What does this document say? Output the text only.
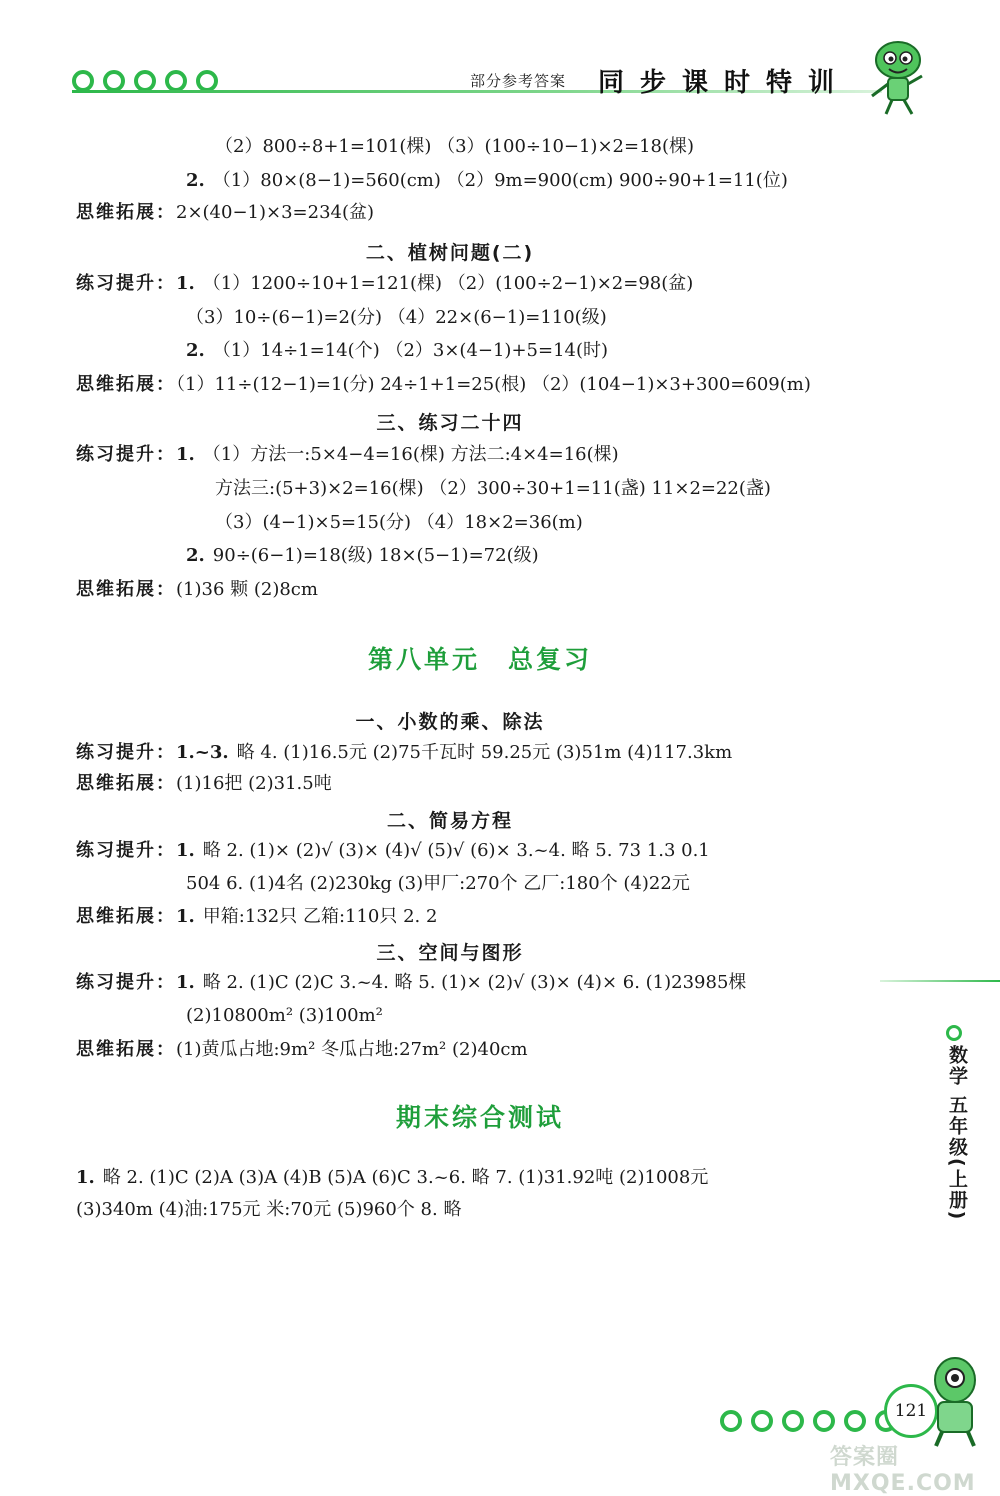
部分参考答案 同步课时特训
（2）800÷8+1=101(棵) （3）(100÷10−1)×2=18(棵)
2. （1）80×(8−1)=560(cm) （2）9m=900(cm) 900÷90+1=11(位)
思维拓展：2×(40−1)×3=234(盆)
练习提升：1. （1）1200÷10+1=121(棵) （2）(100÷2−1)×2=98(盆)
（3）10÷(6−1)=2(分) （4）22×(6−1)=110(级)
2. （1）14÷1=14(个) （2）3×(4−1)+5=14(时)
思维拓展：（1）11÷(12−1)=1(分) 24÷1+1=25(根) （2）(104−1)×3+300=609(m)
练习提升：1. （1）方法一:5×4−4=16(棵) 方法二:4×4=16(棵)
方法三:(5+3)×2=16(棵) （2）300÷30+1=11(盏) 11×2=22(盏)
（3）(4−1)×5=15(分) （4）18×2=36(m)
2. 90÷(6−1)=18(级) 18×(5−1)=72(级)
思维拓展：(1)36 颗 (2)8cm
练习提升：1.~3. 略 4. (1)16.5元 (2)75千瓦时 59.25元 (3)51m (4)117.3km
思维拓展：(1)16把 (2)31.5吨
练习提升：1. 略 2. (1)× (2)√ (3)× (4)√ (5)√ (6)× 3.~4. 略 5. 73 1.3 0.1
504 6. (1)4名 (2)230kg (3)甲厂:270个 乙厂:180个 (4)22元
思维拓展：1. 甲箱:132只 乙箱:110只 2. 2
练习提升：1. 略 2. (1)C (2)C 3.~4. 略 5. (1)× (2)√ (3)× (4)× 6. (1)23985棵
(2)10800m² (3)100m²
思维拓展：(1)黄瓜占地:9m² 冬瓜占地:27m² (2)40cm
1. 略 2. (1)C (2)A (3)A (4)B (5)A (6)C 3.~6. 略 7. (1)31.92吨 (2)1008元
(3)340m (4)油:175元 米:70元 (5)960个 8. 略
二、植树问题(二)
三、练习二十四
一、小数的乘、除法
二、简易方程
三、空间与图形
第八单元　总复习
期末综合测试
数学
五年级(上册)
121
答案圈 MXQE.COM
